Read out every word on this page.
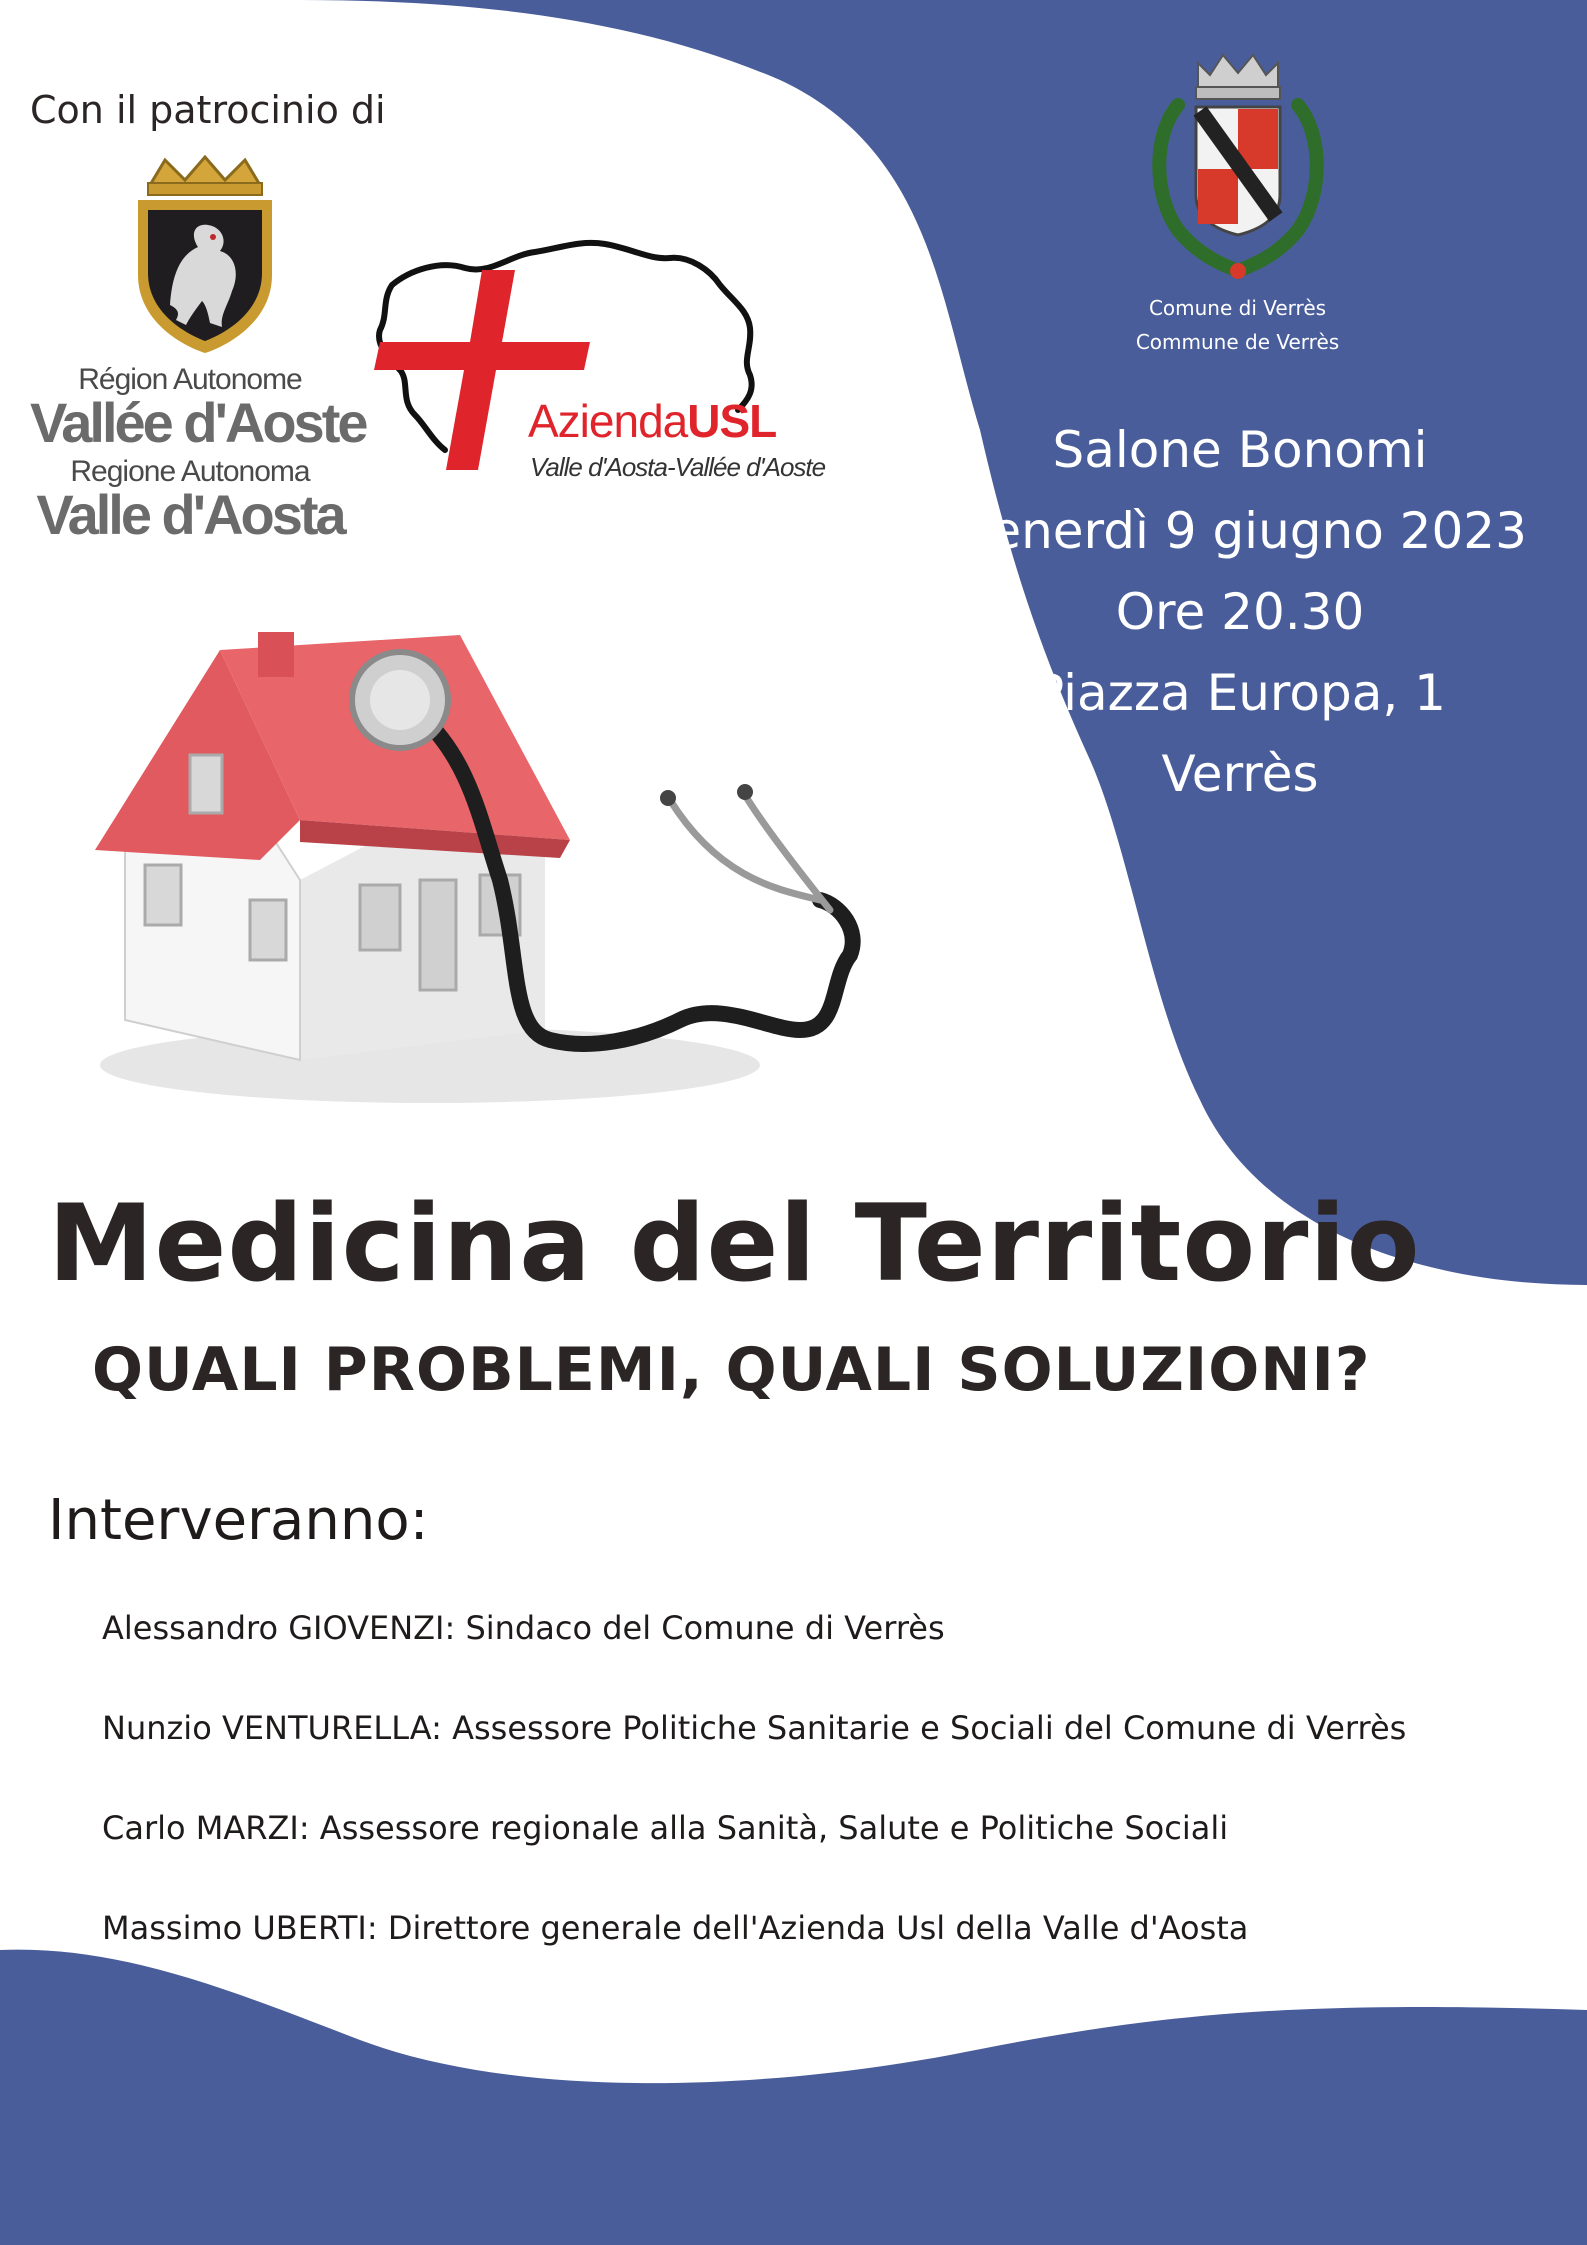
Con il patrocinio di
Région Autonome
Vallée d'Aoste
Regione Autonoma
Valle d'Aosta
AziendaUSL
Valle d'Aosta-Vallée d'Aoste
Comune di Verrès
Commune de Verrès
Salone Bonomi
Venerdì 9 giugno 2023
Ore 20.30
Piazza Europa, 1
Verrès
Medicina del Territorio
QUALI PROBLEMI, QUALI SOLUZIONI?
Interveranno:
Alessandro GIOVENZI: Sindaco del Comune di Verrès
Nunzio VENTURELLA: Assessore Politiche Sanitarie e Sociali del Comune di Verrès
Carlo MARZI: Assessore regionale alla Sanità, Salute e Politiche Sociali
Massimo UBERTI: Direttore generale dell'Azienda Usl della Valle d'Aosta
